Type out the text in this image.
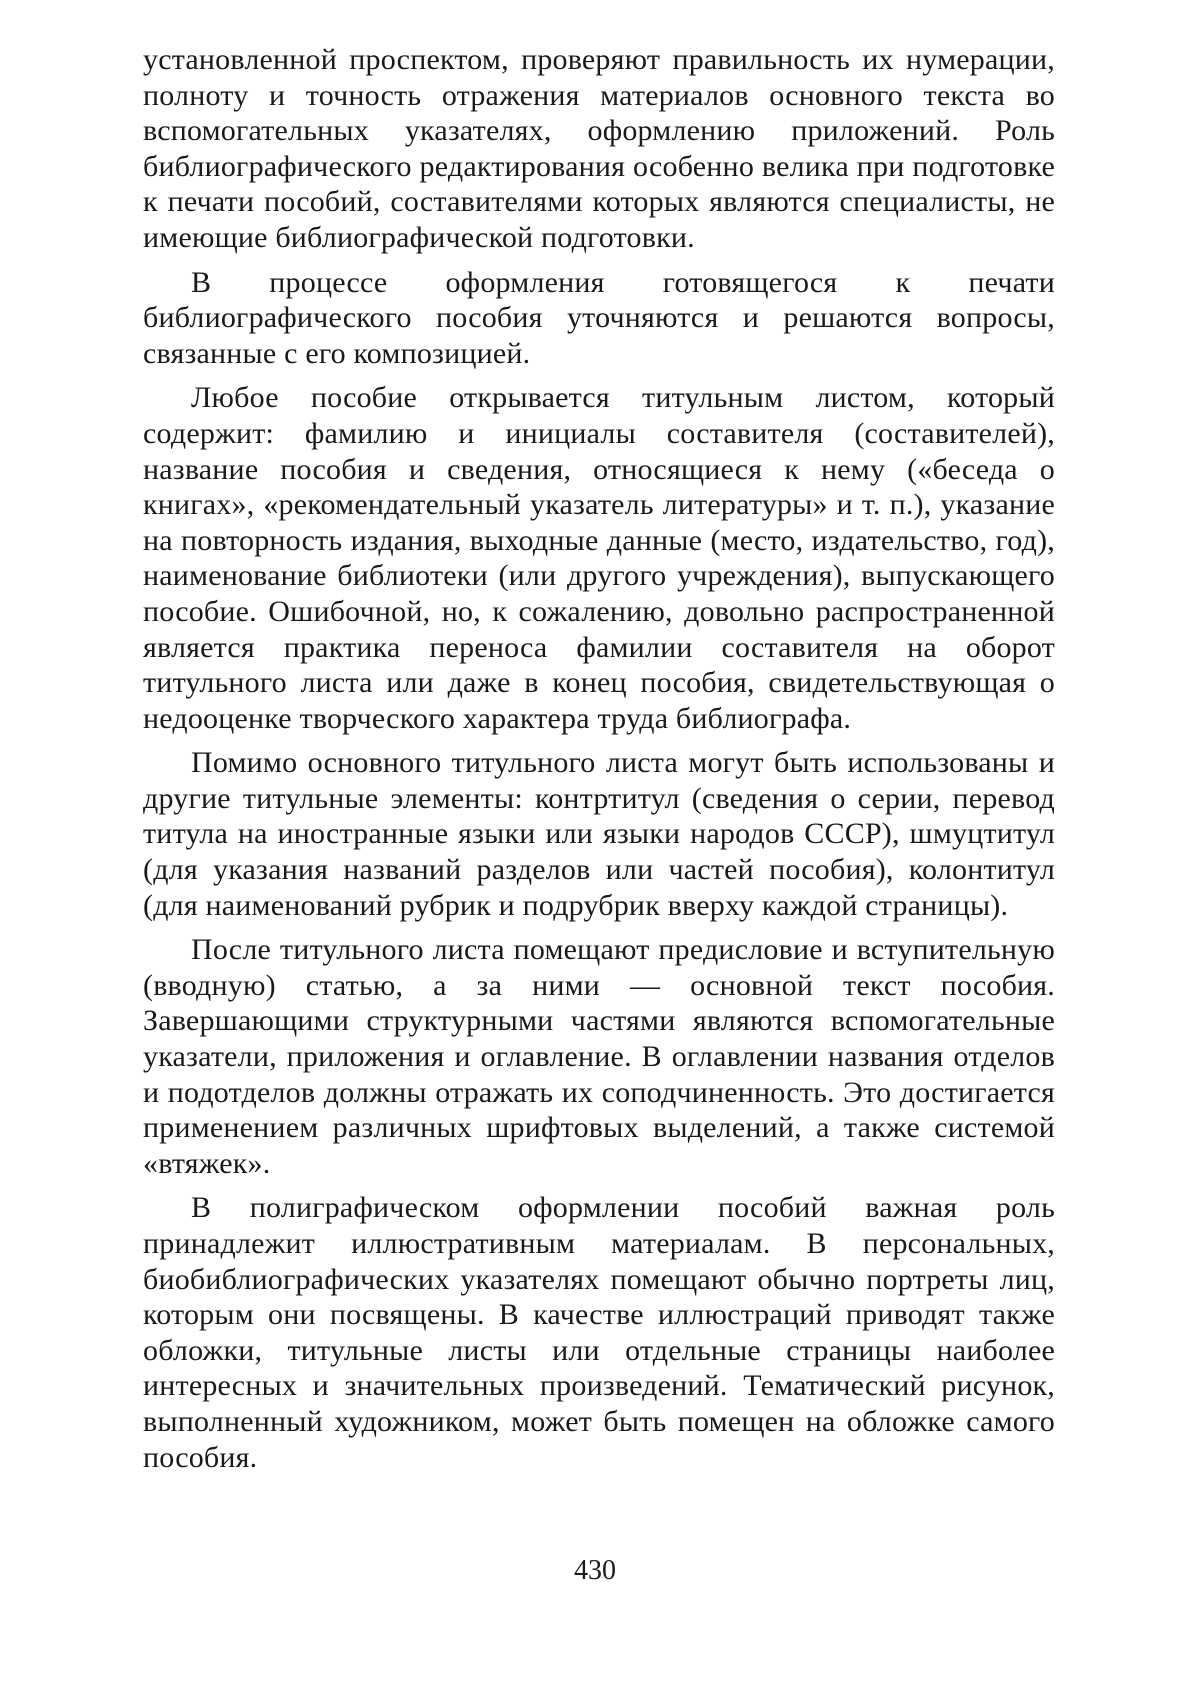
установленной проспектом, проверяют правильность их нумерации, полноту и точность отражения материалов основного текста во вспомогательных указателях, оформлению приложений. Роль библиографического редактирования особенно велика при подготовке к печати пособий, составителями которых являются специалисты, не имеющие библиографической подготовки.

В процессе оформления готовящегося к печати библиографического пособия уточняются и решаются вопросы, связанные с его композицией.

Любое пособие открывается титульным листом, который содержит: фамилию и инициалы составителя (составителей), название пособия и сведения, относящиеся к нему («беседа о книгах», «рекомендательный указатель литературы» и т. п.), указание на повторность издания, выходные данные (место, издательство, год), наименование библиотеки (или другого учреждения), выпускающего пособие. Ошибочной, но, к сожалению, довольно распространенной является практика переноса фамилии составителя на оборот титульного листа или даже в конец пособия, свидетельствующая о недооценке творческого характера труда библиографа.

Помимо основного титульного листа могут быть использованы и другие титульные элементы: контртитул (сведения о серии, перевод титула на иностранные языки или языки народов СССР), шмуцтитул (для указания названий разделов или частей пособия), колонтитул (для наименований рубрик и подрубрик вверху каждой страницы).

После титульного листа помещают предисловие и вступительную (вводную) статью, а за ними — основной текст пособия. Завершающими структурными частями являются вспомогательные указатели, приложения и оглавление. В оглавлении названия отделов и подотделов должны отражать их соподчиненность. Это достигается применением различных шрифтовых выделений, а также системой «втяжек».

В полиграфическом оформлении пособий важная роль принадлежит иллюстративным материалам. В персональных, биобиблиографических указателях помещают обычно портреты лиц, которым они посвящены. В качестве иллюстраций приводят также обложки, титульные листы или отдельные страницы наиболее интересных и значительных произведений. Тематический рисунок, выполненный художником, может быть помещен на обложке самого пособия.

430
